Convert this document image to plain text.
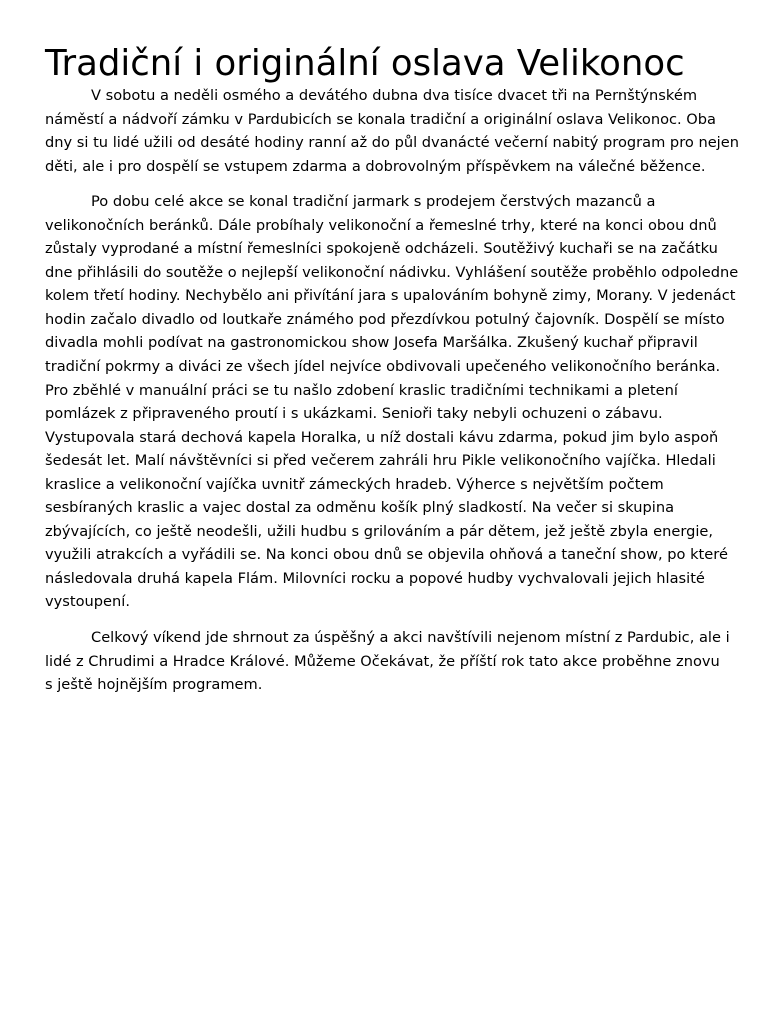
Tradiční i originální oslava Velikonoc

V sobotu a neděli osmého a devátého dubna dva tisíce dvacet tři na Pernštýnském
náměstí a nádvoří zámku v Pardubicích se konala tradiční a originální oslava Velikonoc. Oba
dny si tu lidé užili od desáté hodiny ranní až do půl dvanácté večerní nabitý program pro nejen
děti, ale i pro dospělí se vstupem zdarma a dobrovolným příspěvkem na válečné běžence.

Po dobu celé akce se konal tradiční jarmark s prodejem čerstvých mazanců a
velikonočních beránků. Dále probíhaly velikonoční a řemeslné trhy, které na konci obou dnů
zůstaly vyprodané a místní řemeslníci spokojeně odcházeli. Soutěživý kuchaři se na začátku
dne přihlásili do soutěže o nejlepší velikonoční nádivku. Vyhlášení soutěže proběhlo odpoledne
kolem třetí hodiny. Nechybělo ani přivítání jara s upalováním bohyně zimy, Morany. V jedenáct
hodin začalo divadlo od loutkaře známého pod přezdívkou potulný čajovník. Dospělí se místo
divadla mohli podívat na gastronomickou show Josefa Maršálka. Zkušený kuchař připravil
tradiční pokrmy a diváci ze všech jídel nejvíce obdivovali upečeného velikonočního beránka.
Pro zběhlé v manuální práci se tu našlo zdobení kraslic tradičními technikami a pletení
pomlázek z připraveného proutí i s ukázkami. Senioři taky nebyli ochuzeni o zábavu.
Vystupovala stará dechová kapela Horalka, u níž dostali kávu zdarma, pokud jim bylo aspoň
šedesát let. Malí návštěvníci si před večerem zahráli hru Pikle velikonočního vajíčka. Hledali
kraslice a velikonoční vajíčka uvnitř zámeckých hradeb. Výherce s největším počtem
sesbíraných kraslic a vajec dostal za odměnu košík plný sladkostí. Na večer si skupina
zbývajících, co ještě neodešli, užili hudbu s grilováním a pár dětem, jež ještě zbyla energie,
využili atrakcích a vyřádili se. Na konci obou dnů se objevila ohňová a taneční show, po které
následovala druhá kapela Flám. Milovníci rocku a popové hudby vychvalovali jejich hlasité
vystoupení.

Celkový víkend jde shrnout za úspěšný a akci navštívili nejenom místní z Pardubic, ale i
lidé z Chrudimi a Hradce Králové. Můžeme Očekávat, že příští rok tato akce proběhne znovu
s ještě hojnějším programem.
